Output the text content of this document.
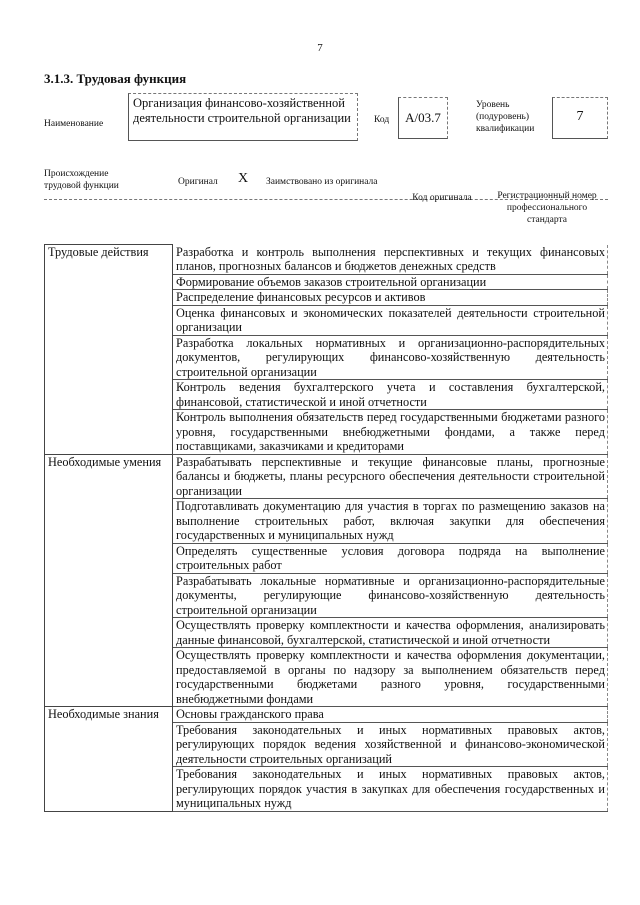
7
3.1.3. Трудовая функция
Наименование
Организация финансово-хозяйственной деятельности строительной организации	Код	А/03.7
Уровень (подуровень) квалификации
7
Происхождение трудовой функции	Оригинал Х Заимствовано из оригинала
Код оригинала	Регистрационный номер профессионального стандарта
Трудовые действия	Разработка и контроль выполнения перспективных и текущих финансовых планов, прогнозных балансов и бюджетов денежных средств
	Формирование объемов заказов строительной организации
	Распределение финансовых ресурсов и активов
	Оценка финансовых и экономических показателей деятельности строительной организации
	Разработка локальных нормативных и организационно-распорядительных документов, регулирующих финансово-хозяйственную деятельность строительной организации
	Контроль ведения бухгалтерского учета и составления бухгалтерской, финансовой, статистической и иной отчетности
	Контроль выполнения обязательств перед государственными бюджетами разного уровня, государственными внебюджетными фондами, а также перед поставщиками, заказчиками и кредиторами
Необходимые умения	Разрабатывать перспективные и текущие финансовые планы, прогнозные балансы и бюджеты, планы ресурсного обеспечения деятельности строительной организации
	Подготавливать документацию для участия в торгах по размещению заказов на выполнение строительных работ, включая закупки для обеспечения государственных и муниципальных нужд
	Определять существенные условия договора подряда на выполнение строительных работ
	Разрабатывать локальные нормативные и организационно-распорядительные документы, регулирующие финансово-хозяйственную деятельность строительной организации
	Осуществлять проверку комплектности и качества оформления, анализировать данные финансовой, бухгалтерской, статистической и иной отчетности
	Осуществлять проверку комплектности и качества оформления документации, предоставляемой в органы по надзору за выполнением обязательств перед государственными бюджетами разного уровня, государственными внебюджетными фондами
Необходимые знания	Основы гражданского права
	Требования законодательных и иных нормативных правовых актов, регулирующих порядок ведения хозяйственной и финансово-экономической деятельности строительных организаций
	Требования законодательных и иных нормативных правовых актов, регулирующих порядок участия в закупках для обеспечения государственных и муниципальных нужд
